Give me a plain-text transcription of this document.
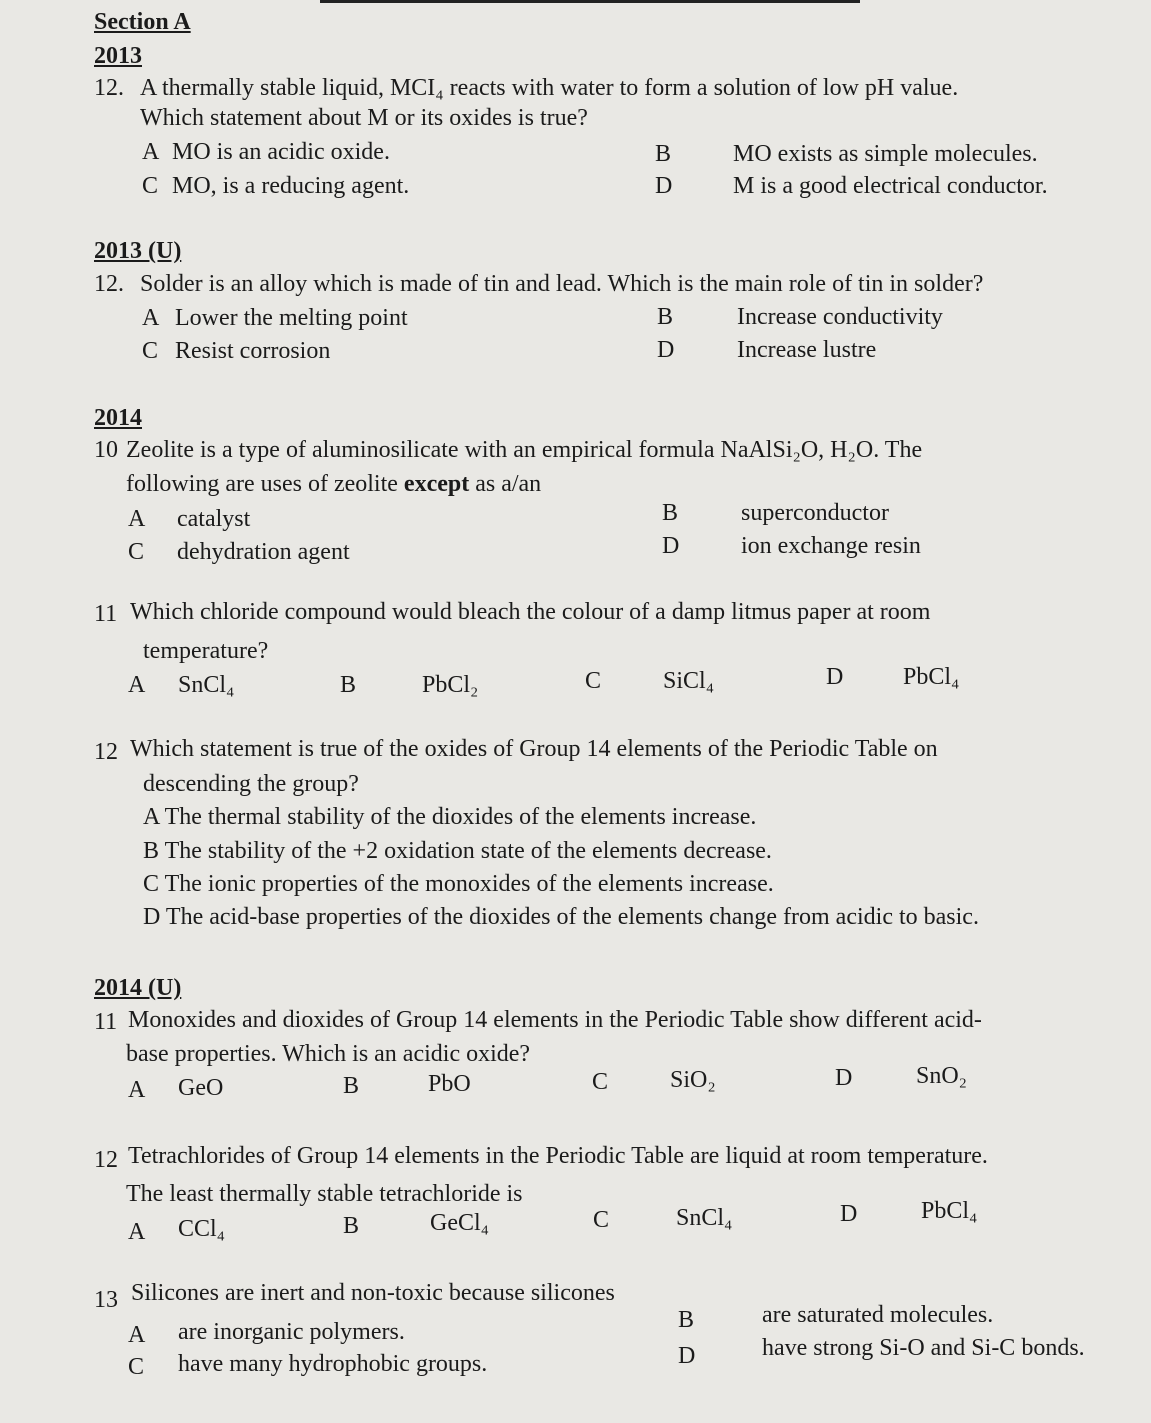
Section A
2013
12. A thermally stable liquid, MCI₄ reacts with water to form a solution of low pH value.
Which statement about M or its oxides is true?
A MO is an acidic oxide.	B	MO exists as simple molecules.
C MO, is a reducing agent.	D	M is a good electrical conductor.
2013 (U)
12. Solder is an alloy which is made of tin and lead. Which is the main role of tin in solder?
A Lower the melting point	B	Increase conductivity
C Resist corrosion	D	Increase lustre
2014
10 Zeolite is a type of aluminosilicate with an empirical formula NaAlSi₂O, H₂O. The
following are uses of zeolite except as a/an
A catalyst	B	superconductor
C dehydration agent	D	ion exchange resin
11 Which chloride compound would bleach the colour of a damp litmus paper at room
temperature?
A SnCl₄	B	PbCl₂	C	SiCl₄	D PbCl₄
12 Which statement is true of the oxides of Group 14 elements of the Periodic Table on
descending the group?
A The thermal stability of the dioxides of the elements increase.
B The stability of the +2 oxidation state of the elements decrease.
C The ionic properties of the monoxides of the elements increase.
D The acid-base properties of the dioxides of the elements change from acidic to basic.
2014 (U)
11 Monoxides and dioxides of Group 14 elements in the Periodic Table show different acid-
base properties. Which is an acidic oxide?
A GeO	B	PbO	C	SiO₂	D	SnO₂
12 Tetrachlorides of Group 14 elements in the Periodic Table are liquid at room temperature.
The least thermally stable tetrachloride is
A CCl₄	B	GeCl₄	C	SnCl₄	D	PbCl₄
13 Silicones are inert and non-toxic because silicones
A are inorganic polymers.	B	are saturated molecules.
C have many hydrophobic groups.	D	have strong Si-O and Si-C bonds.
